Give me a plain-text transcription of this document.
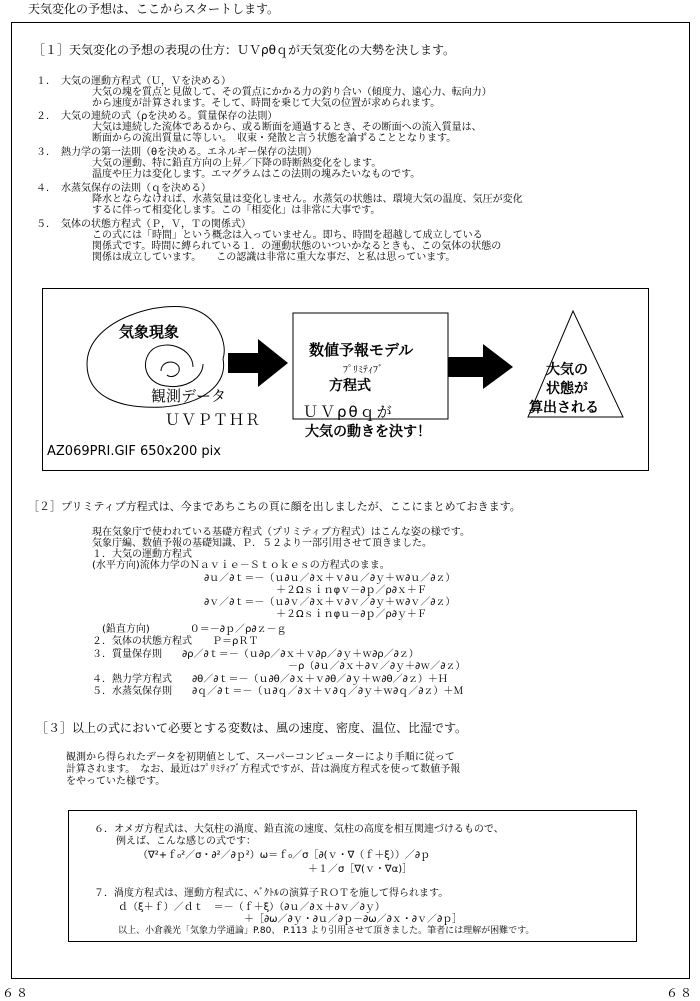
天気変化の予想は、ここからスタートします。
［１］天気変化の予想の表現の仕方：ＵＶρθｑが天気変化の大勢を決します。
１．　大気の運動方程式（Ｕ，Ｖを決める）
大気の塊を質点と見做して、その質点にかかる力の釣り合い（傾度力、遠心力、転向力）
から速度が計算されます。そして、時間を乗じて大気の位置が求められます。
２．　大気の連続の式（ρを決める。質量保存の法則）
大気は連続した流体であるから、或る断面を通過するとき、その断面への流入質量は、
断面からの流出質量に等しい。　収束・発散と言う状態を論ずることとなります。
３．　熱力学の第一法則（θを決める。エネルギー保存の法則）
大気の運動、特に鉛直方向の上昇／下降の時断熱変化をします。
温度や圧力は変化します。エマグラムはこの法則の塊みたいなものです。
４．　水蒸気保存の法則（ｑを決める）
降水とならなければ、水蒸気量は変化しません。水蒸気の状態は、環境大気の温度、気圧が変化
するに伴って相変化します。この「相変化」は非常に大事です。
５．　気体の状態方程式（Ｐ，Ｖ，Ｔの関係式）
この式には「時間」という概念は入っていません。即ち、時間を超越して成立している
関係式です。時間に縛られている１．の運動状態のいついかなるときも、この気体の状態の
関係は成立しています。　　この認識は非常に重大な事だ、と私は思っています。
気象現象
観測データ
ＵＶＰＴＨＲ
数値予報モデル
ﾌﾟﾘﾐﾃｨﾌﾞ
方程式
ＵＶρθｑが
大気の動きを決す！
大気の
状態が
算出される
AZ069PRI.GIF 650x200 pix
［２］プリミティブ方程式は、今まであちこちの頁に顔を出しましたが、ここにまとめておきます。
現在気象庁で使われている基礎方程式（プリミティブ方程式）はこんな姿の様です。
気象庁編、数値予報の基礎知識、Ｐ．５２より一部引用させて頂きました。
１．大気の運動方程式
(水平方向)流体力学のＮａｖｉｅ－Ｓｔｏｋｅｓの方程式のまま。
∂ｕ／∂ｔ＝－（ｕ∂ｕ／∂ｘ＋ｖ∂ｕ／∂ｙ＋ｗ∂ｕ／∂ｚ）
＋２Ωｓｉｎφｖ－∂ｐ／ρ∂ｘ＋Ｆ
∂ｖ／∂ｔ＝－（ｕ∂ｖ／∂ｘ＋ｖ∂ｖ／∂ｙ＋ｗ∂ｖ／∂ｚ）
＋２Ωｓｉｎφｕ－∂ｐ／ρ∂ｙ＋Ｆ
(鉛直方向)　　　　０＝－∂ｐ／ρ∂ｚ－ｇ
２．気体の状態方程式　　Ｐ＝ρＲＴ
３．質量保存則　　∂ρ／∂ｔ＝－（ｕ∂ρ／∂ｘ＋ｖ∂ρ／∂ｙ＋ｗ∂ρ／∂ｚ）
－ρ（∂ｕ／∂ｘ＋∂ｖ／∂ｙ＋∂ｗ／∂ｚ）
４．熱力学方程式　　∂θ／∂ｔ＝－（ｕ∂θ／∂ｘ＋ｖ∂θ／∂ｙ＋ｗ∂θ／∂ｚ）＋Ｈ
５．水蒸気保存則　　∂ｑ／∂ｔ＝－（ｕ∂ｑ／∂ｘ＋ｖ∂ｑ／∂ｙ＋ｗ∂ｑ／∂ｚ）＋Ｍ
［３］以上の式において必要とする変数は、風の速度、密度、温位、比湿です。
観測から得られたデータを初期値として、スーパーコンピューターにより手順に従って
計算されます。　なお、最近はﾌﾟﾘﾐﾃｨﾌﾞ方程式ですが、昔は渦度方程式を使って数値予報
をやっていた様です。
６．オメガ方程式は、大気柱の渦度、鉛直流の速度、気柱の高度を相互関連づけるもので、
例えば、こんな感じの式です：
（∇²+ｆ₀²／σ・∂²／∂ｐ²）ω＝ｆ₀／σ［∂(ｖ・∇（ｆ＋ξ））／∂ｐ
＋１／σ［∇(ｖ・∇α)］
７．渦度方程式は、運動方程式に、ﾍﾞｸﾄﾙの演算子ＲＯＴを施して得られます。
ｄ（ξ＋ｆ）／ｄｔ　＝－（ｆ＋ξ）（∂ｕ／∂ｘ＋∂ｖ／∂ｙ）
＋［∂ω／∂ｙ・∂ｕ／∂ｐ－∂ω／∂ｘ・∂ｖ／∂ｐ］
以上、小倉義光「気象力学通論」P.80、 P.113 より引用させて頂きました。筆者には理解が困難です。
６８	６８
